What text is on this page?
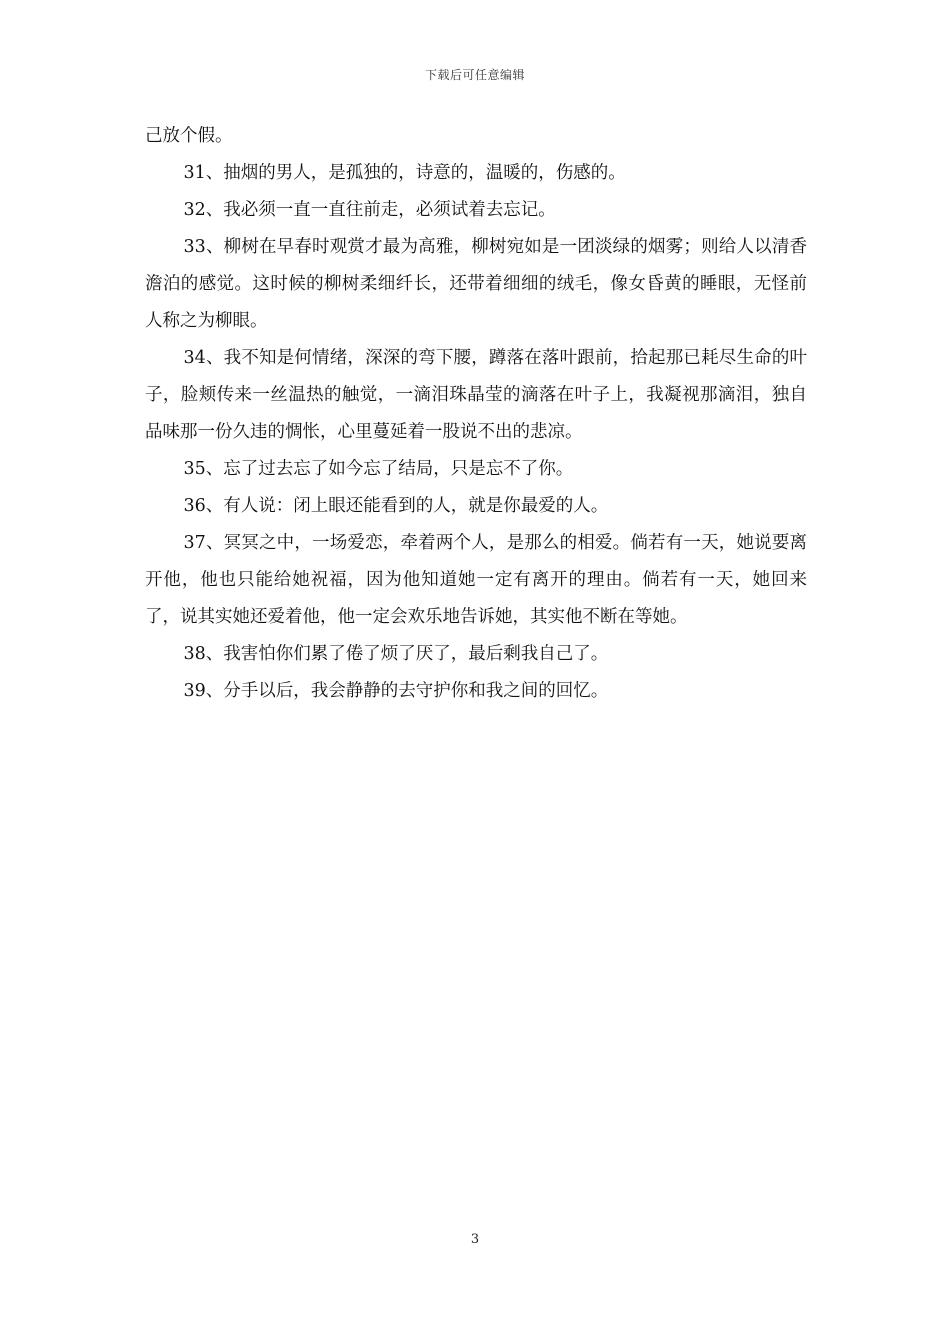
下载后可任意编辑

己放个假。

31、抽烟的男人，是孤独的，诗意的，温暖的，伤感的。

32、我必须一直一直往前走，必须试着去忘记。

33、柳树在早春时观赏才最为高雅，柳树宛如是一团淡绿的烟雾；则给人以清香澹泊的感觉。这时候的柳树柔细纤长，还带着细细的绒毛，像女昏黄的睡眼，无怪前人称之为柳眼。

34、我不知是何情绪，深深的弯下腰，蹲落在落叶跟前，拾起那已耗尽生命的叶子，脸颊传来一丝温热的触觉，一滴泪珠晶莹的滴落在叶子上，我凝视那滴泪，独自品味那一份久违的惆怅，心里蔓延着一股说不出的悲凉。

35、忘了过去忘了如今忘了结局，只是忘不了你。

36、有人说：闭上眼还能看到的人，就是你最爱的人。

37、冥冥之中，一场爱恋，牵着两个人，是那么的相爱。倘若有一天，她说要离开他，他也只能给她祝福，因为他知道她一定有离开的理由。倘若有一天，她回来了，说其实她还爱着他，他一定会欢乐地告诉她，其实他不断在等她。

38、我害怕你们累了倦了烦了厌了，最后剩我自己了。

39、分手以后，我会静静的去守护你和我之间的回忆。

3
